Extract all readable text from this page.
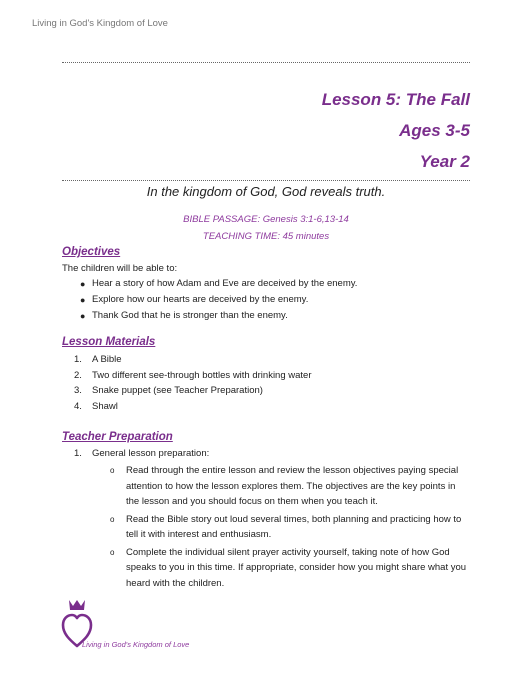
Living in God's Kingdom of Love
Lesson 5: The Fall
Ages 3-5
Year 2
In the kingdom of God, God reveals truth.
BIBLE PASSAGE: Genesis 3:1-6,13-14
TEACHING TIME: 45 minutes
Objectives
The children will be able to:
● Hear a story of how Adam and Eve are deceived by the enemy.
● Explore how our hearts are deceived by the enemy.
● Thank God that he is stronger than the enemy.
Lesson Materials
1. A Bible
2. Two different see-through bottles with drinking water
3. Snake puppet (see Teacher Preparation)
4. Shawl
Teacher Preparation
1. General lesson preparation:
o Read through the entire lesson and review the lesson objectives paying special attention to how the lesson explores them. The objectives are the key points in the lesson and you should focus on them when you teach it.
o Read the Bible story out loud several times, both planning and practicing how to tell it with interest and enthusiasm.
o Complete the individual silent prayer activity yourself, taking note of how God speaks to you in this time. If appropriate, consider how you might share what you heard with the children.
Living in God's Kingdom of Love
